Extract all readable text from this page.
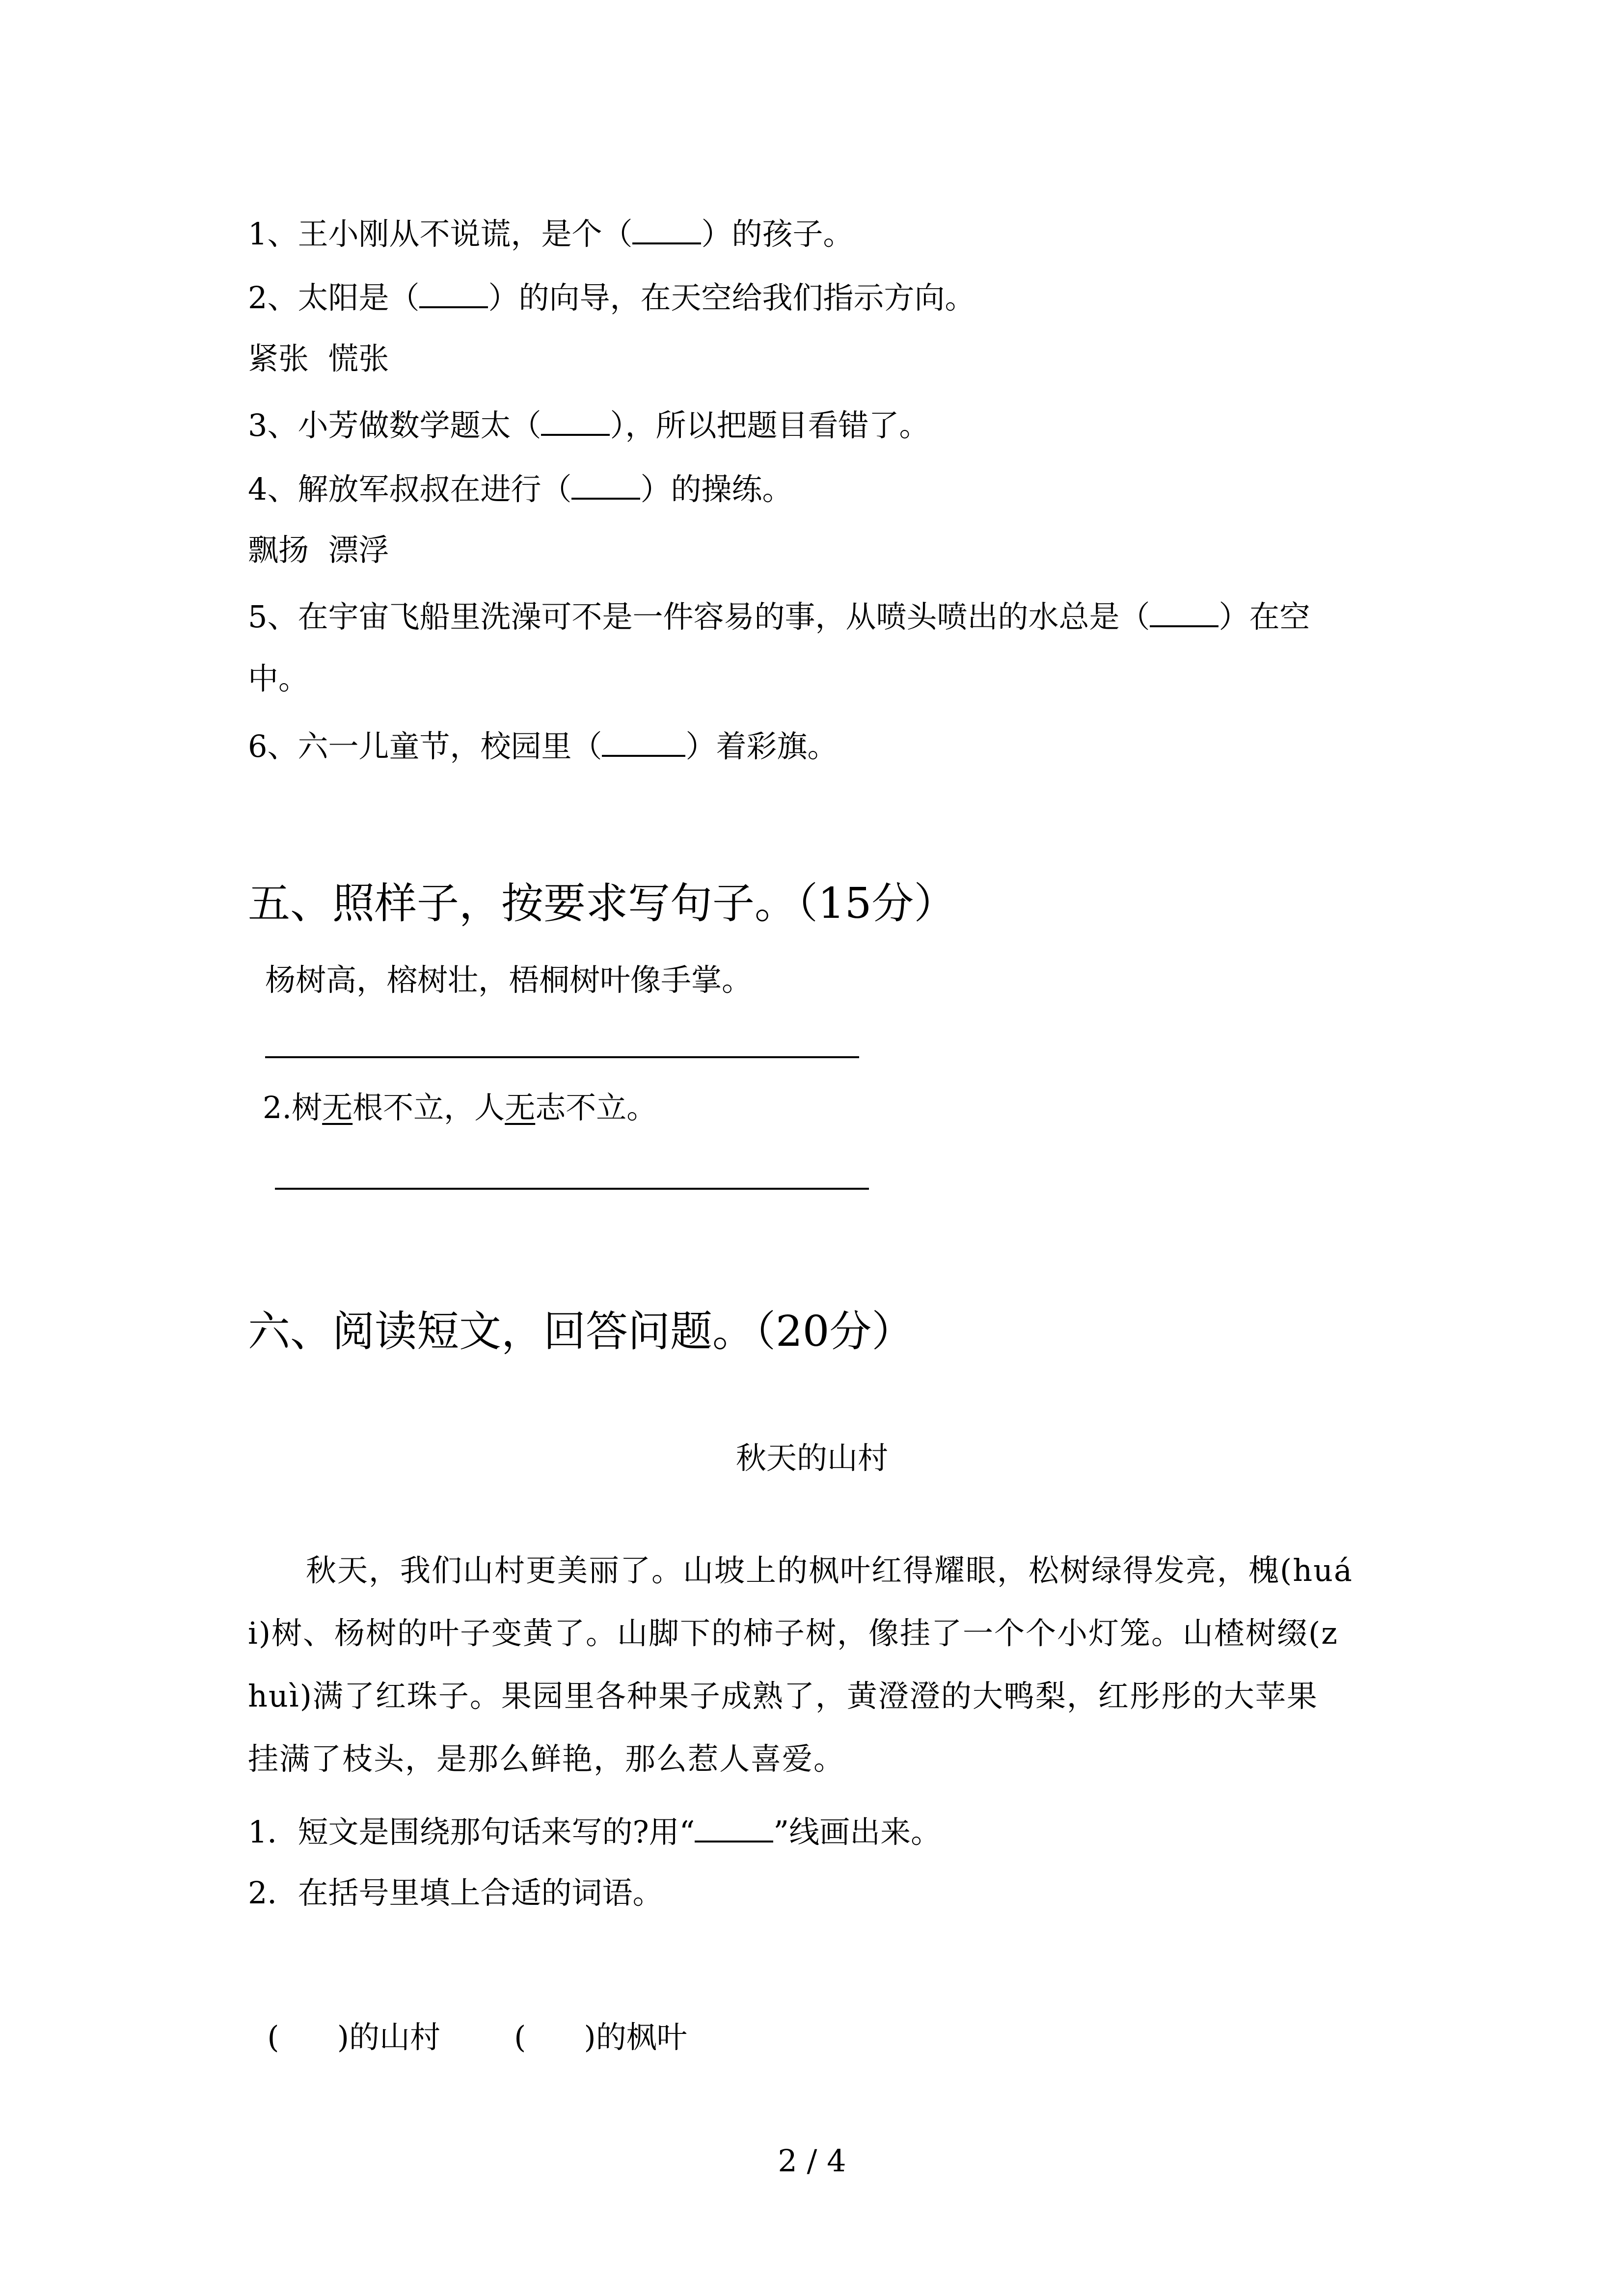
1、王小刚从不说谎，是个（ ）的孩子。
2、太阳是（ ）的向导，在天空给我们指示方向。
紧张  慌张
3、小芳做数学题太（ ），所以把题目看错了。
4、解放军叔叔在进行（ ）的操练。
飘扬  漂浮
5、在宇宙飞船里洗澡可不是一件容易的事，从喷头喷出的水总是（ ）在空
中。
6、六一儿童节，校园里（	）着彩旗。
五、照样子，按要求写句子。（15分）
杨树高，榕树壮，梧桐树叶像手掌。
2.树无根不立，人无志不立。
六、阅读短文，回答问题。（20分）
秋天的山村
秋天，我们山村更美丽了。山坡上的枫叶红得耀眼，松树绿得发亮，槐(huá
i)树、杨树的叶子变黄了。山脚下的柿子树，像挂了一个个小灯笼。山楂树缀(z
huì)满了红珠子。果园里各种果子成熟了，黄澄澄的大鸭梨，红彤彤的大苹果
挂满了枝头，是那么鲜艳，那么惹人喜爱。
1．短文是围绕那句话来写的?用“	”线画出来。
2．在括号里填上合适的词语。

(      )的山村 (      )的枫叶

2 / 4
